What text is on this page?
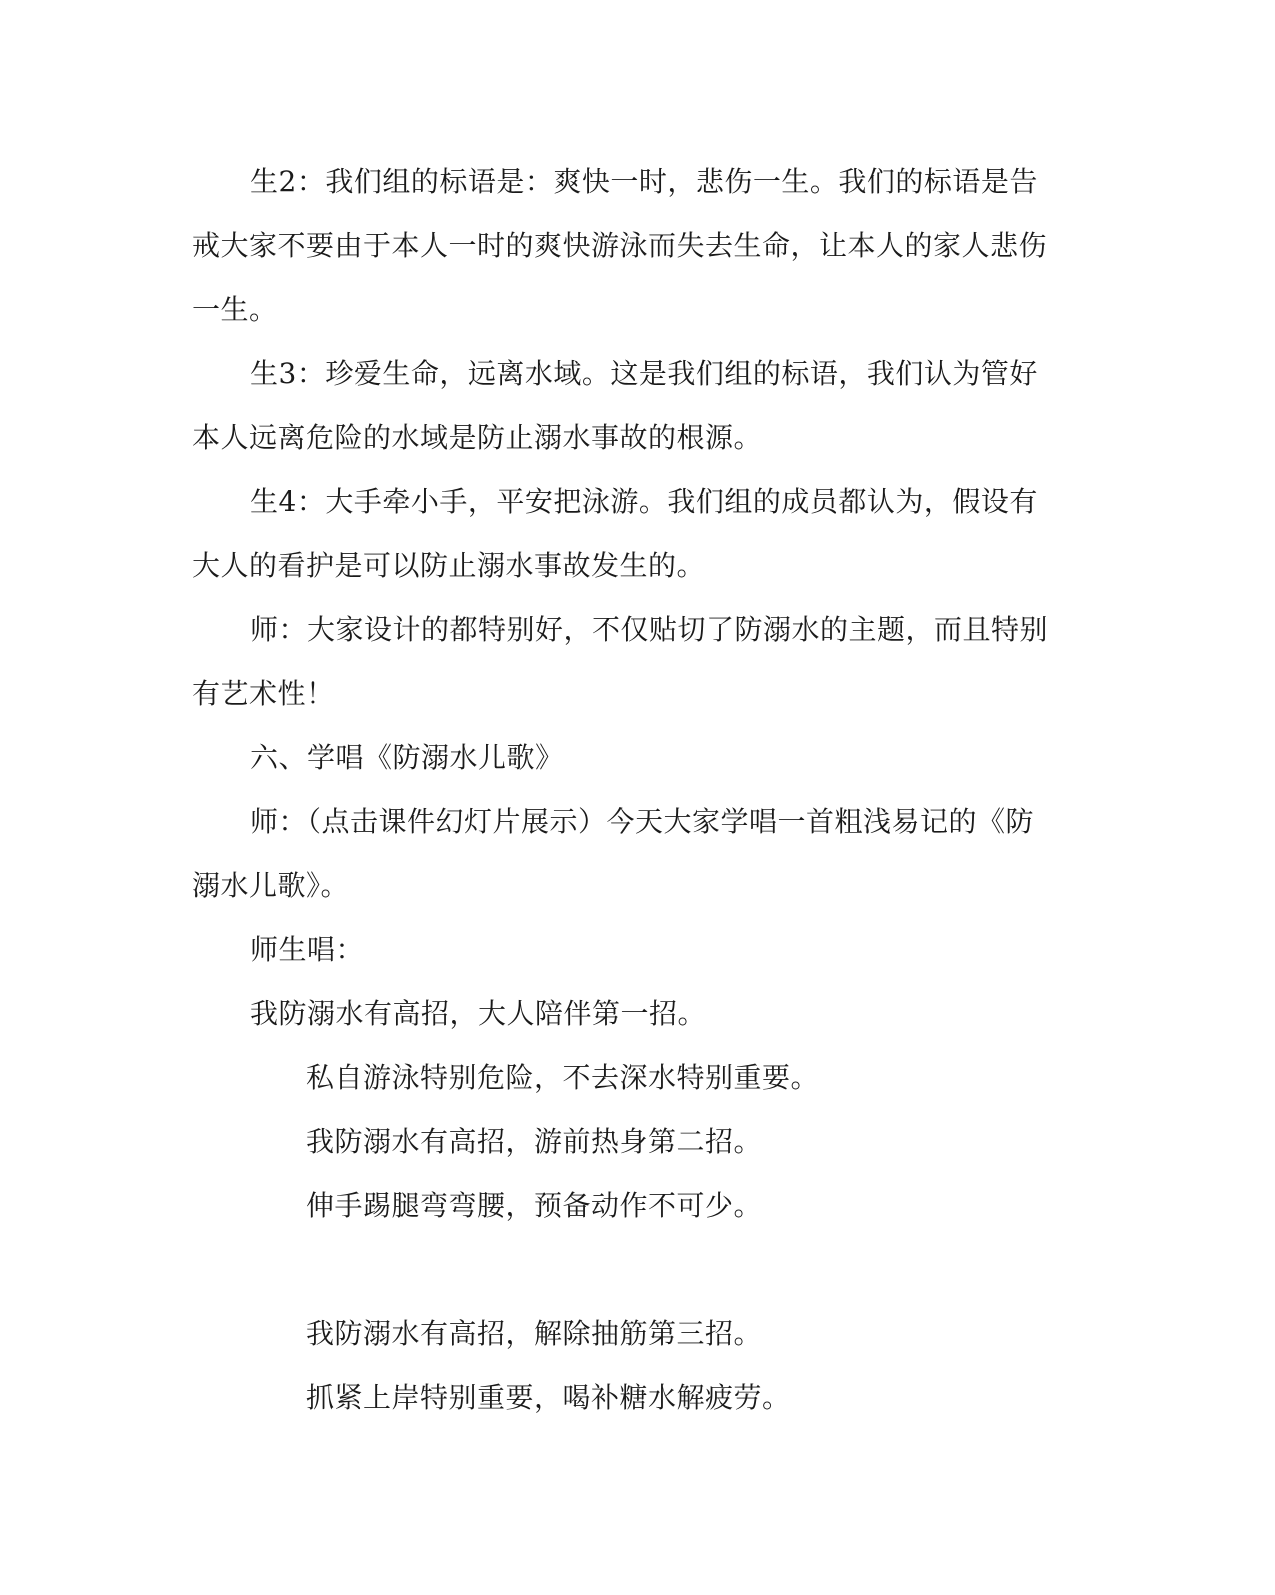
生2：我们组的标语是：爽快一时，悲伤一生。我们的标语是告
戒大家不要由于本人一时的爽快游泳而失去生命，让本人的家人悲伤
一生。
生3：珍爱生命，远离水域。这是我们组的标语，我们认为管好
本人远离危险的水域是防止溺水事故的根源。
生4：大手牵小手，平安把泳游。我们组的成员都认为，假设有
大人的看护是可以防止溺水事故发生的。
师：大家设计的都特别好，不仅贴切了防溺水的主题，而且特别
有艺术性！
六、学唱《防溺水儿歌》
师：（点击课件幻灯片展示）今天大家学唱一首粗浅易记的《防
溺水儿歌》。
师生唱：
我防溺水有高招，大人陪伴第一招。
私自游泳特别危险，不去深水特别重要。
我防溺水有高招，游前热身第二招。
伸手踢腿弯弯腰，预备动作不可少。
我防溺水有高招，解除抽筋第三招。
抓紧上岸特别重要，喝补糖水解疲劳。
